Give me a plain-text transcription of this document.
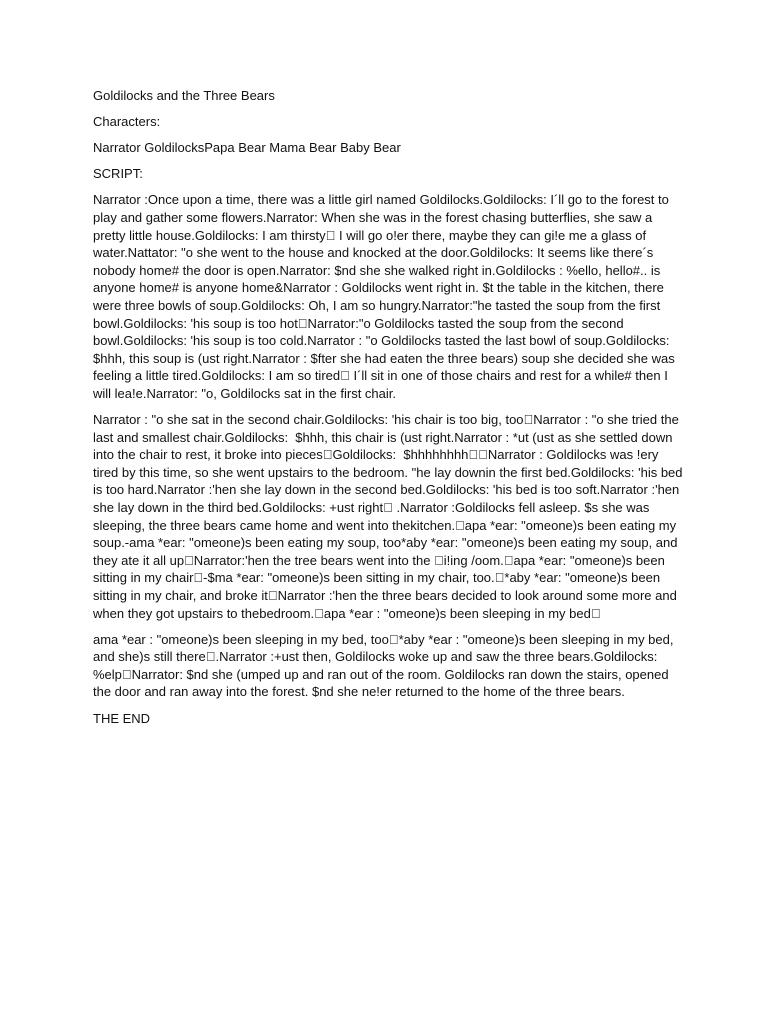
Goldilocks and the Three Bears

Characters:

Narrator GoldilocksPapa Bear Mama Bear Baby Bear

SCRIPT:

Narrator :Once upon a time, there was a little girl named Goldilocks.Goldilocks: I´ll go to the forest to play and gather some flowers.Narrator: When she was in the forest chasing butterflies, she saw a pretty little house.Goldilocks: I am thirsty  I will go o!er there, maybe they can gi!e me a glass of water.Nattator: "o she went to the house and knocked at the door.Goldilocks: It seems like there´s nobody home# the door is open.Narrator: $nd she she walked right in.Goldilocks : %ello, hello#.. is anyone home# is anyone home&Narrator : Goldilocks went right in. $t the table in the kitchen, there were three bowls of soup.Goldilocks: Oh, I am so hungry.Narrator:"he tasted the soup from the first bowl.Goldilocks: 'his soup is too hot Narrator:"o Goldilocks tasted the soup from the second bowl.Goldilocks: 'his soup is too cold.Narrator : "o Goldilocks tasted the last bowl of soup.Goldilocks: $hhh, this soup is (ust right.Narrator : $fter she had eaten the three bears) soup she decided she was feeling a little tired.Goldilocks: I am so tired  I´ll sit in one of those chairs and rest for a while# then I will lea!e.Narrator: "o, Goldilocks sat in the first chair.

Narrator : "o she sat in the second chair.Goldilocks: 'his chair is too big, too Narrator : "o she tried the last and smallest chair.Goldilocks:  $hhh, this chair is (ust right.Narrator : *ut (ust as she settled down into the chair to rest, it broke into pieces Goldilocks:  $hhhhhhhh  Narrator : Goldilocks was !ery tired by this time, so she went upstairs to the bedroom. "he lay downin the first bed.Goldilocks: 'his bed is too hard.Narrator :'hen she lay down in the second bed.Goldilocks: 'his bed is too soft.Narrator :'hen she lay down in the third bed.Goldilocks: +ust right  .Narrator :Goldilocks fell asleep. $s she was sleeping, the three bears came home and went into thekitchen. apa *ear: "omeone)s been eating my soup.-ama *ear: "omeone)s been eating my soup, too*aby *ear: "omeone)s been eating my soup, and they ate it all up Narrator:'hen the tree bears went into the  i!ing /oom. apa *ear: "omeone)s been sitting in my chair -$ma *ear: "omeone)s been sitting in my chair, too. *aby *ear: "omeone)s been sitting in my chair, and broke it Narrator :'hen the three bears decided to look around some more and when they got upstairs to thebedroom. apa *ear : "omeone)s been sleeping in my bed 

ama *ear : "omeone)s been sleeping in my bed, too *aby *ear : "omeone)s been sleeping in my bed, and she)s still there .Narrator :+ust then, Goldilocks woke up and saw the three bears.Goldilocks: %elp Narrator: $nd she (umped up and ran out of the room. Goldilocks ran down the stairs, opened the door and ran away into the forest. $nd she ne!er returned to the home of the three bears.

THE END
